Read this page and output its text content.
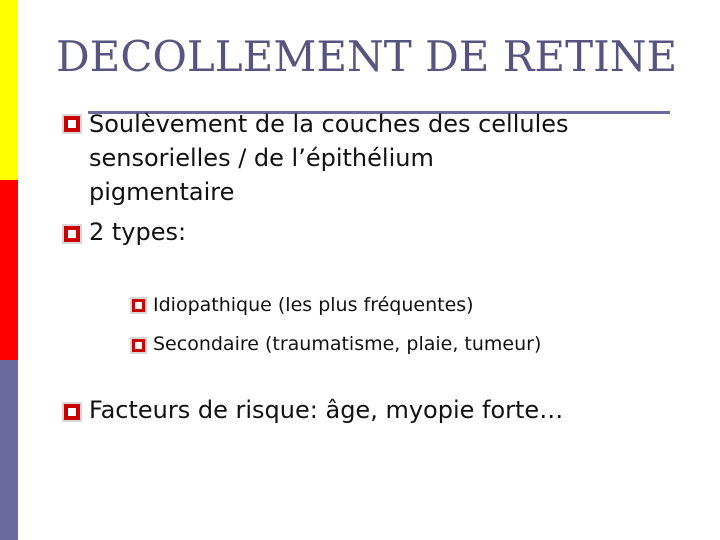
DECOLLEMENT DE RETINE
Soulèvement de la couches des cellules
sensorielles / de l’épithélium
pigmentaire
2 types:
Idiopathique (les plus fréquentes)
Secondaire (traumatisme, plaie, tumeur)
Facteurs de risque: âge, myopie forte…
